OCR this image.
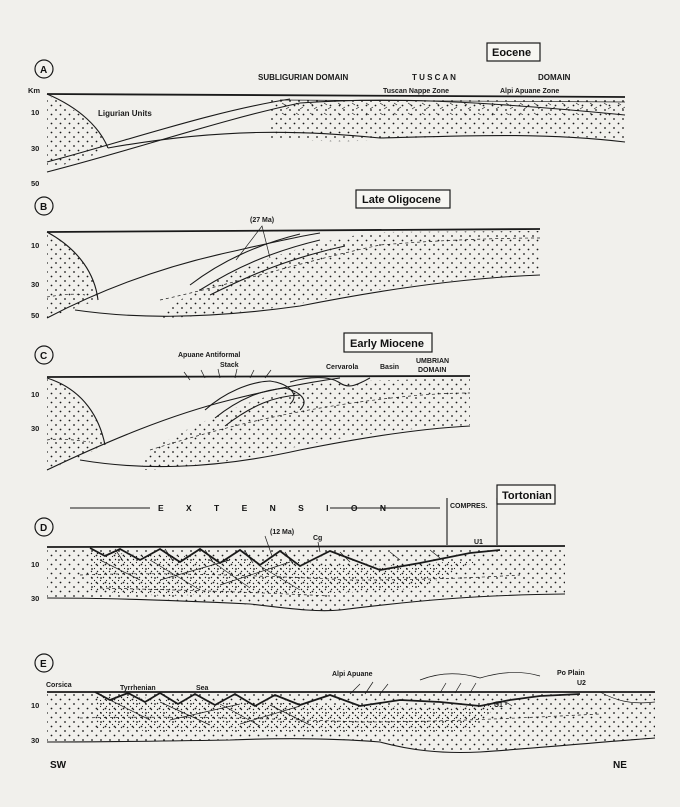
A
Eocene
SUBLIGURIAN DOMAIN	T U S C A N	DOMAIN
Tuscan Nappe Zone	Alpi Apuane Zone
Km
10
30
50
Ligurian Units
B
Late Oligocene
(27 Ma)
10
30
50
C
Early Miocene
Apuane Antiformal
Stack	Cervarola	Basin
UMBRIAN
DOMAIN
10
30
E X T E N S I O N	COMPRES.
Tortonian
D	(12 Ma)
Cg
U1
10
30
E
Corsica	Tyrrhenian	Sea
Alpi Apuane	Po Plain
U2
10
30
SW	NE
